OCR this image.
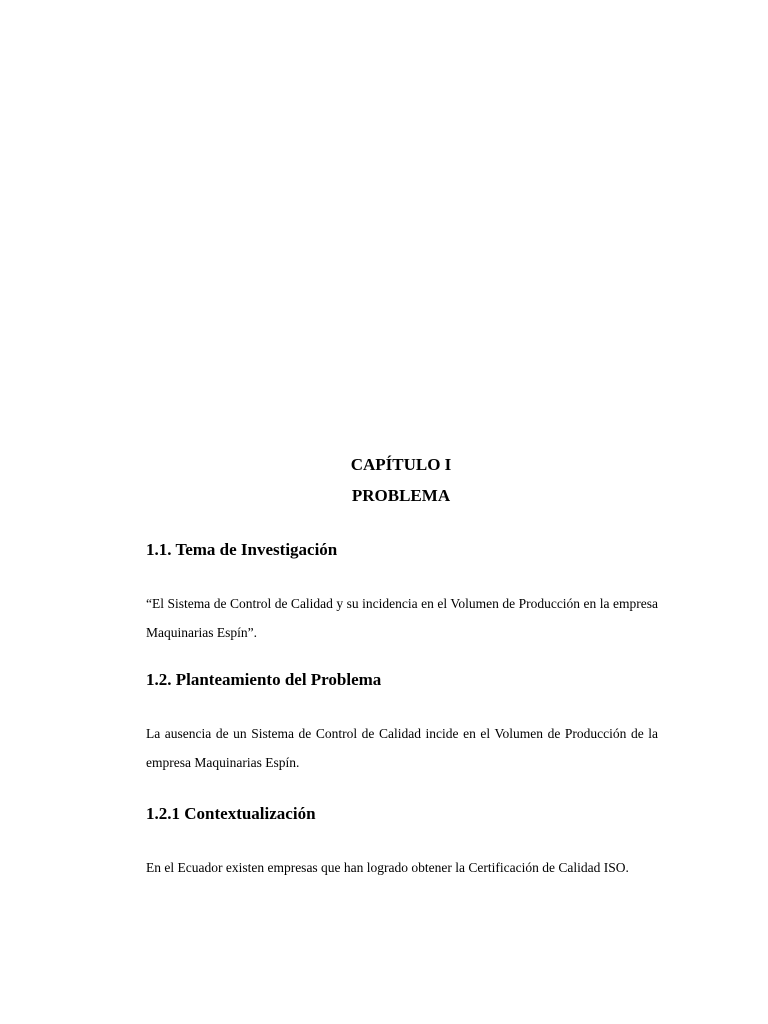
CAPÍTULO I
PROBLEMA
1.1. Tema de Investigación

“El Sistema de Control de Calidad y su incidencia en el Volumen de Producción en la empresa Maquinarias Espín”.

1.2. Planteamiento del Problema

La ausencia de un Sistema de Control de Calidad incide en el Volumen de Producción de la empresa Maquinarias Espín.

1.2.1 Contextualización

En el Ecuador existen empresas que han logrado obtener la Certificación de Calidad ISO.
